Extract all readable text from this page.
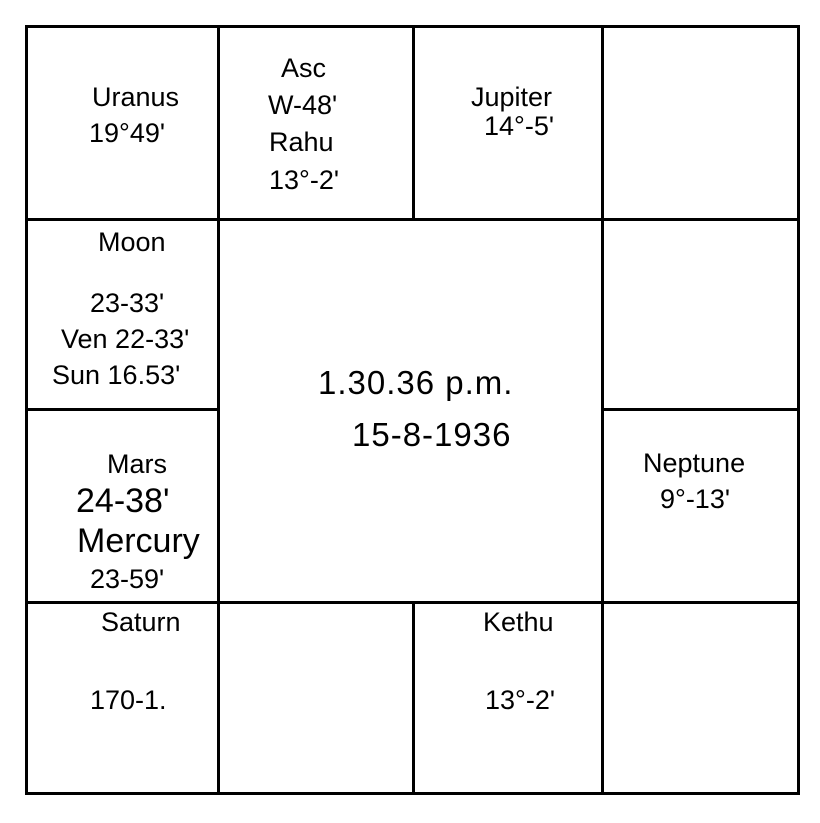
Uranus
19°49'
Asc
W-48'
Rahu
13°-2'
Jupiter
14°-5'
Moon
23-33'
Ven 22-33'
Sun 16.53'
Mars
24-38'
Mercury
23-59'
1.30.36 p.m.
15-8-1936
Neptune
9°-13'
Saturn
170-1.
Kethu
13°-2'
